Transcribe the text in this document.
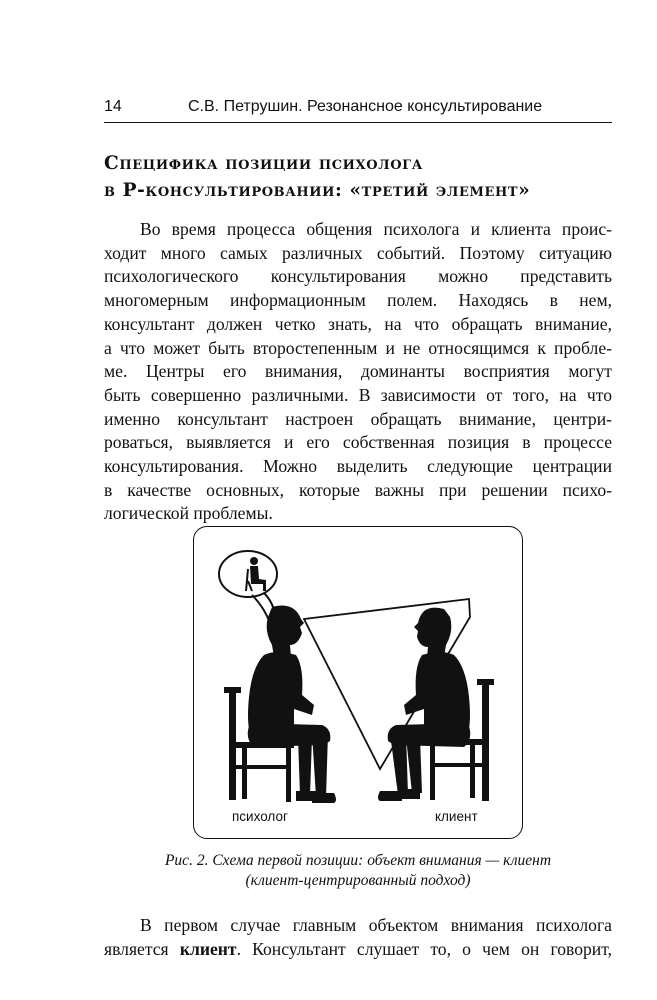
14	С.В. Петрушин. Резонансное консультирование
Специфика позиции психолога
в Р-консультировании: «третий элемент»
Во время процесса общения психолога и клиента проис-
ходит много самых различных событий. Поэтому ситуацию
психологического консультирования можно представить
многомерным информационным полем. Находясь в нем,
консультант должен четко знать, на что обращать внимание,
а что может быть второстепенным и не относящимся к пробле-
ме. Центры его внимания, доминанты восприятия могут
быть совершенно различными. В зависимости от того, на что
именно консультант настроен обращать внимание, центри-
роваться, выявляется и его собственная позиция в процессе
консультирования. Можно выделить следующие центрации
в качестве основных, которые важны при решении психо-
логической проблемы.
психолог	клиент
Рис. 2. Схема первой позиции: объект внимания — клиент
(клиент-центрированный подход)
В первом случае главным объектом внимания психолога
является клиент. Консультант слушает то, о чем он говорит,
